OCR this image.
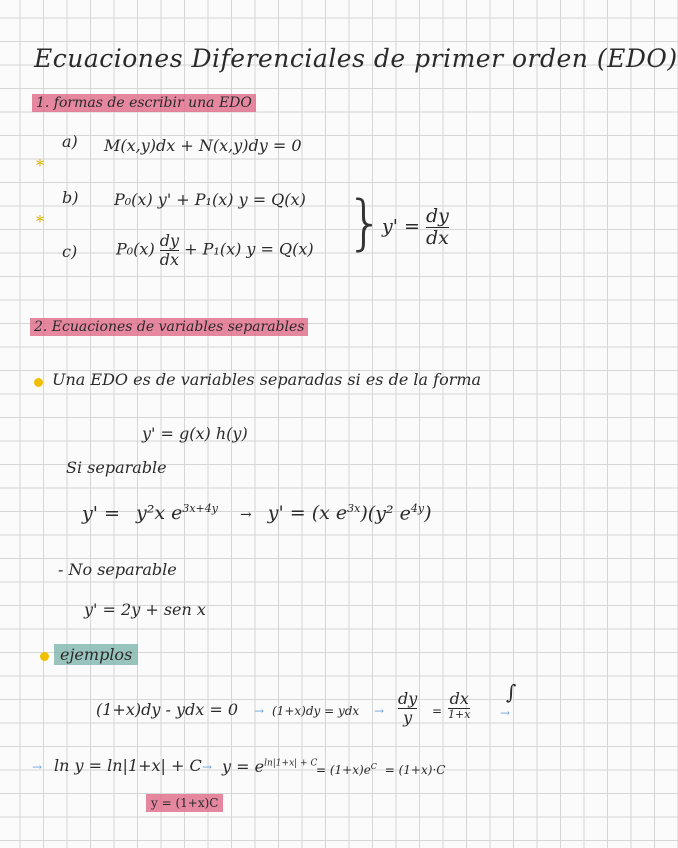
Ecuaciones Diferenciales de primer orden (EDO)
1. formas de escribir una EDO
a) M(x,y)dx + N(x,y)dy = 0
*
*
b) P₀(x) y' + P₁(x) y = Q(x)
c) $P_0(x) \frac{dy}{dx} + P_1(x) y = Q(x)$ }
$y' = \frac{dy}{dx}$
2. Ecuaciones de variables separables
Una EDO es de variables separadas si es de la forma
y' = g(x) h(y)
Si separable
y' = y²x $e^{3x+4y} \to y' = (x$ $e^{3x})(y^2$ $e^{4y}$)
- No separable
y' = 2y + sen x
ejemplos
(1+x)dy - ydx = 0 → (1+x)dy = ydx → $\frac{dy}{y} = \frac{dx}{1+x}$ ∫
→
→ $\ln y = \ln|1+x| + C \to y = e^{ln|1+x| + C}$
= $(1+x)e^C = (1+x)\cdot C$
y = (1+x)C
